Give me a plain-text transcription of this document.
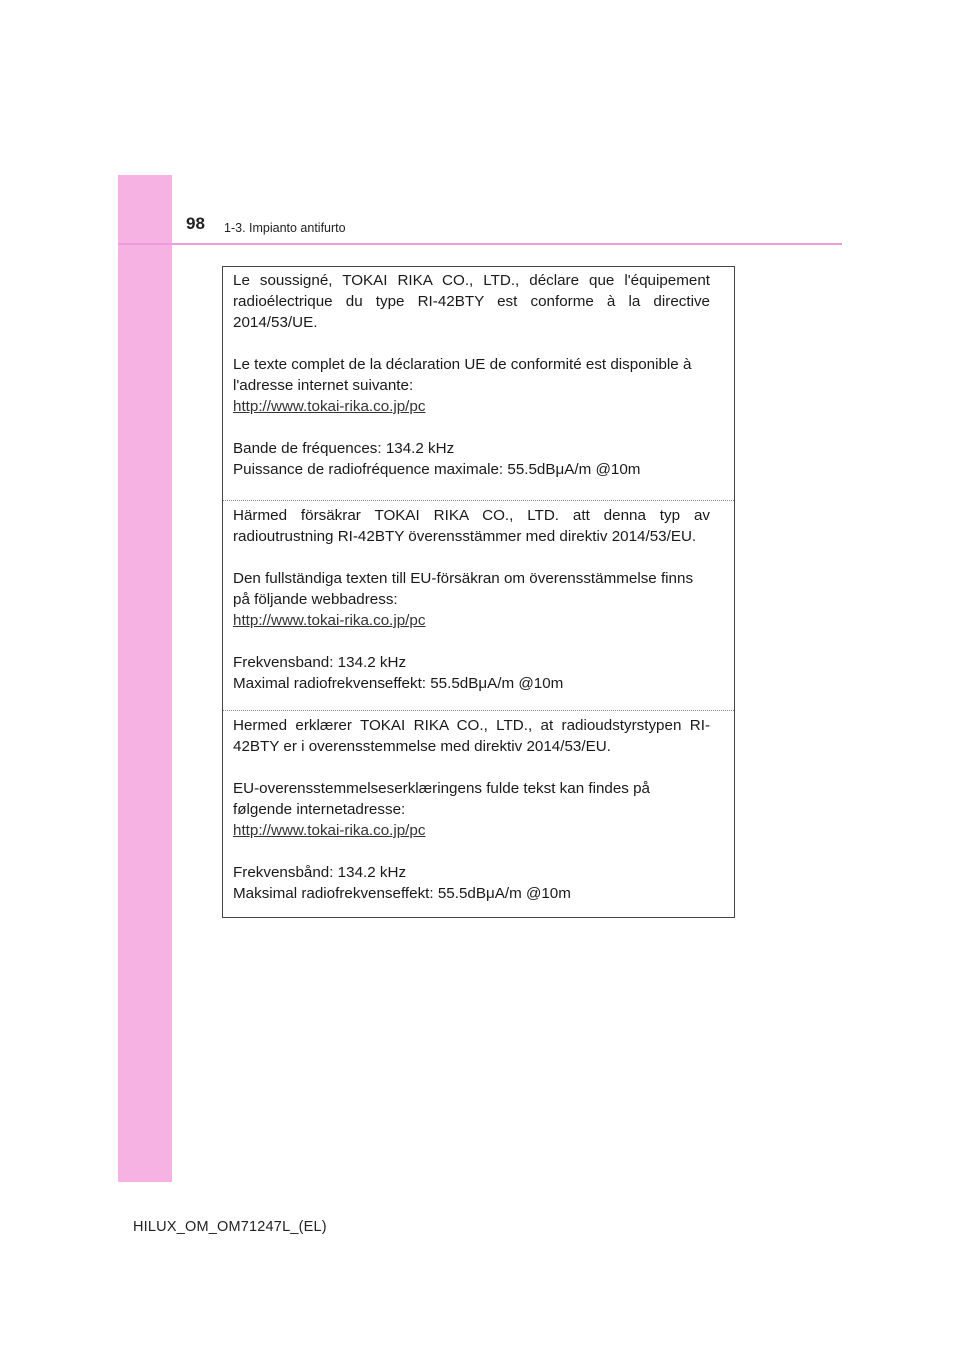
98 1-3. Impianto antifurto

Le soussigné, TOKAI RIKA CO., LTD., déclare que l'équipement radioélectrique du type RI-42BTY est conforme à la directive 2014/53/UE.

Le texte complet de la déclaration UE de conformité est disponible à
l'adresse internet suivante:
http://www.tokai-rika.co.jp/pc

Bande de fréquences: 134.2 kHz
Puissance de radiofréquence maximale: 55.5dBμA/m @10m

Härmed försäkrar TOKAI RIKA CO., LTD. att denna typ av radioutrustning RI-42BTY överensstämmer med direktiv 2014/53/EU.

Den fullständiga texten till EU-försäkran om överensstämmelse finns
på följande webbadress:
http://www.tokai-rika.co.jp/pc

Frekvensband: 134.2 kHz
Maximal radiofrekvenseffekt: 55.5dBμA/m @10m

Hermed erklærer TOKAI RIKA CO., LTD., at radioudstyrstypen RI-42BTY er i overensstemmelse med direktiv 2014/53/EU.

EU-overensstemmelseserklæringens fulde tekst kan findes på
følgende internetadresse:
http://www.tokai-rika.co.jp/pc

Frekvensbånd: 134.2 kHz
Maksimal radiofrekvenseffekt: 55.5dBμA/m @10m

HILUX_OM_OM71247L_(EL)
